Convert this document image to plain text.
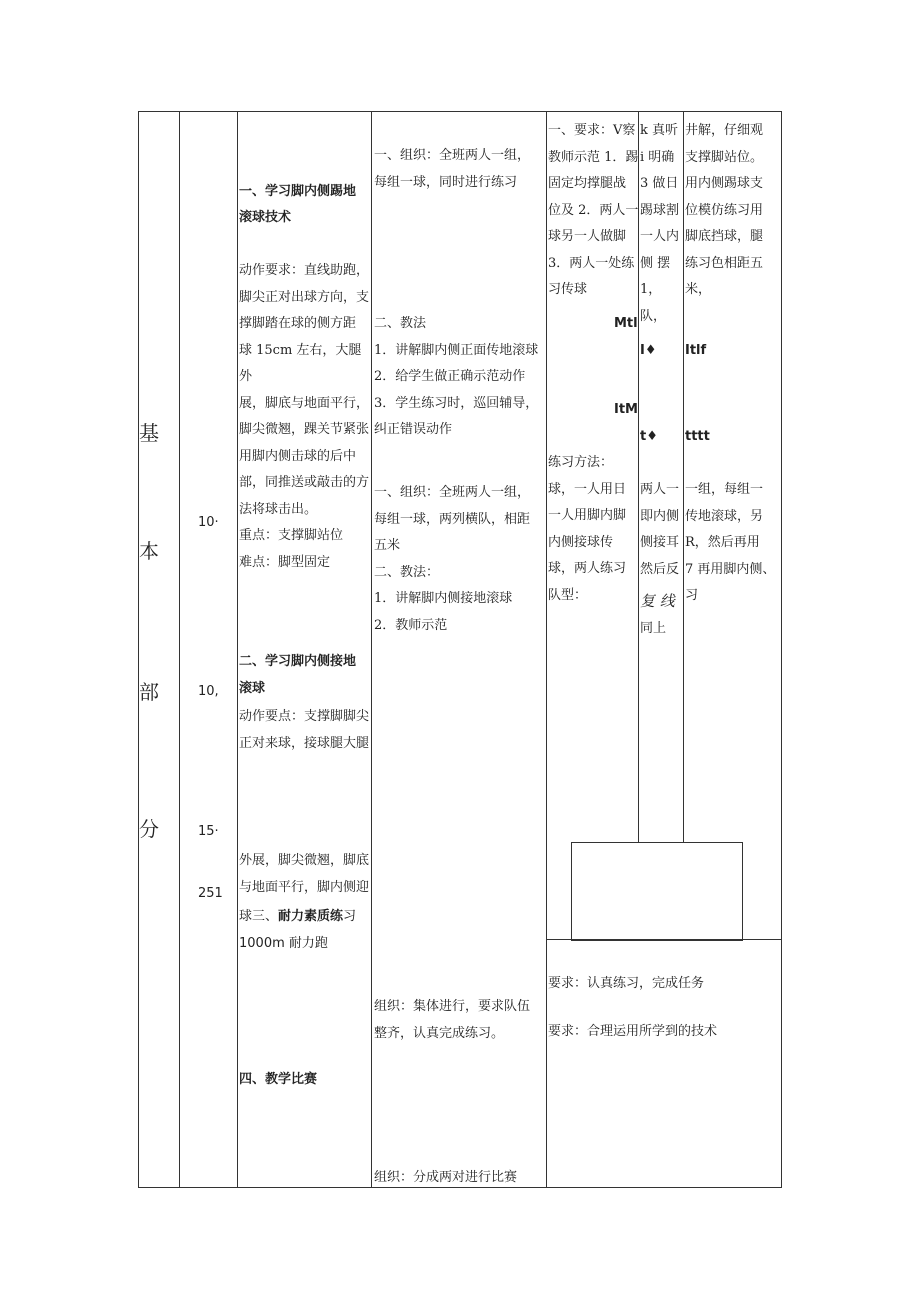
基
本
部
分
10·
10,
15·
251
一、学习脚内侧踢地
滚球技术
动作要求：直线助跑，
脚尖正对出球方向，支
撑脚踏在球的侧方距
球 15cm 左右，大腿外
展，脚底与地面平行，
脚尖微翘，踝关节紧张
用脚内侧击球的后中
部，同推送或敲击的方
法将球击出。
重点：支撑脚站位
难点：脚型固定
二、学习脚内侧接地
滚球
动作要点：支撑脚脚尖
正对来球，接球腿大腿
外展，脚尖微翘，脚底
与地面平行，脚内侧迎
球三、耐力素质练习
1000m 耐力跑
四、教学比赛
一、组织：全班两人一组，
每组一球，同时进行练习
二、教法
1．讲解脚内侧正面传地滚球
2．给学生做正确示范动作
3．学生练习时，巡回辅导，
纠正错误动作
一、组织：全班两人一组，
每组一球，两列横队，相距
五米
二、教法：
1．讲解脚内侧接地滚球
2．教师示范
组织：集体进行，要求队伍
整齐，认真完成练习。
组织：分成两对进行比赛
一、要求：V察
教师示范 1．踢
固定均撑腿战
位及 2．两人一
球另一人做脚
3．两人一处练
习传球
Mtl
ItM
练习方法：
球，一人用日
一人用脚内脚
内侧接球传
球，两人练习
队型：
k 真听
i 明确
3 做日
踢球割
一人内
侧 摆
1，队，
I♦
t♦
两人一
即内侧
侧接耳
然后反
复 线
同上
井解，仔细观
支撑脚站位。
用内侧踢球支
位模仿练习用
脚底挡球，腿
练习色相距五
米，
Itlf
tttt
一组，每组一
传地滚球，另
R，然后再用
7 再用脚内侧、
习
要求：认真练习，完成任务
要求：合理运用所学到的技术
